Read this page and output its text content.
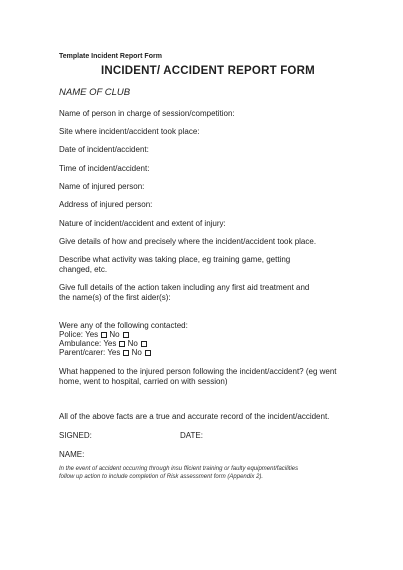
Template Incident Report Form
INCIDENT/ ACCIDENT REPORT FORM
NAME OF CLUB
Name of person in charge of session/competition:
Site where incident/accident took place:
Date of incident/accident:
Time of incident/accident:
Name of injured person:
Address of injured person:
Nature of incident/accident and extent of injury:
Give details of how and precisely where the incident/accident took place.
Describe what activity was taking place, eg training game, getting
changed, etc.
Give full details of the action taken including any first aid treatment and
the name(s) of the first aider(s):
Were any of the following contacted:
Police: Yes No
Ambulance: Yes No
Parent/carer: Yes No
What happened to the injured person following the incident/accident? (eg went
home, went to hospital, carried on with session)
All of the above facts are a true and accurate record of the incident/accident.
SIGNED:	DATE:
NAME:
In the event of accident occurring through insu fficient training or faulty equipment/facilities
follow up action to include completion of Risk assessment form (Appendix 2).
